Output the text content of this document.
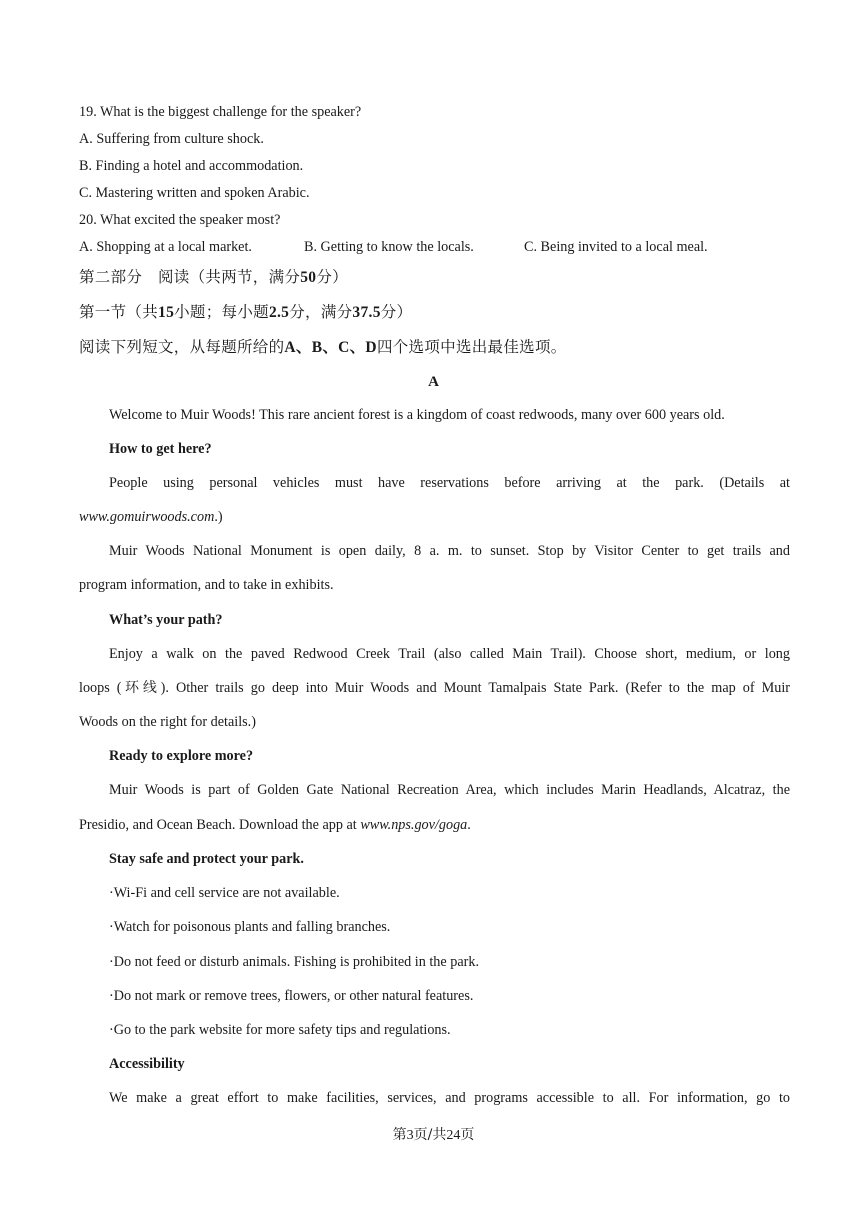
19. What is the biggest challenge for the speaker?
A. Suffering from culture shock.
B. Finding a hotel and accommodation.
C. Mastering written and spoken Arabic.
20. What excited the speaker most?
A. Shopping at a local market.	B. Getting to know the locals.	C. Being invited to a local meal.
第二部分　阅读（共两节，满分50分）
第一节（共15小题；每小题2.5分，满分37.5分）
阅读下列短文，从每题所给的A、B、C、D四个选项中选出最佳选项。
A
Welcome to Muir Woods! This rare ancient forest is a kingdom of coast redwoods, many over 600 years old.
How to get here?
People using personal vehicles must have reservations before arriving at the park. (Details at
www.gomuirwoods.com.)
Muir Woods National Monument is open daily, 8 a. m. to sunset. Stop by Visitor Center to get trails and
program information, and to take in exhibits.
What’s your path?
Enjoy a walk on the paved Redwood Creek Trail (also called Main Trail). Choose short, medium, or long
loops (环线). Other trails go deep into Muir Woods and Mount Tamalpais State Park. (Refer to the map of Muir
Woods on the right for details.)
Ready to explore more?
Muir Woods is part of Golden Gate National Recreation Area, which includes Marin Headlands, Alcatraz, the
Presidio, and Ocean Beach. Download the app at www.nps.gov/goga.
Stay safe and protect your park.
·Wi-Fi and cell service are not available.
·Watch for poisonous plants and falling branches.
·Do not feed or disturb animals. Fishing is prohibited in the park.
·Do not mark or remove trees, flowers, or other natural features.
·Go to the park website for more safety tips and regulations.
Accessibility
We make a great effort to make facilities, services, and programs accessible to all. For information, go to
第3页/共24页
